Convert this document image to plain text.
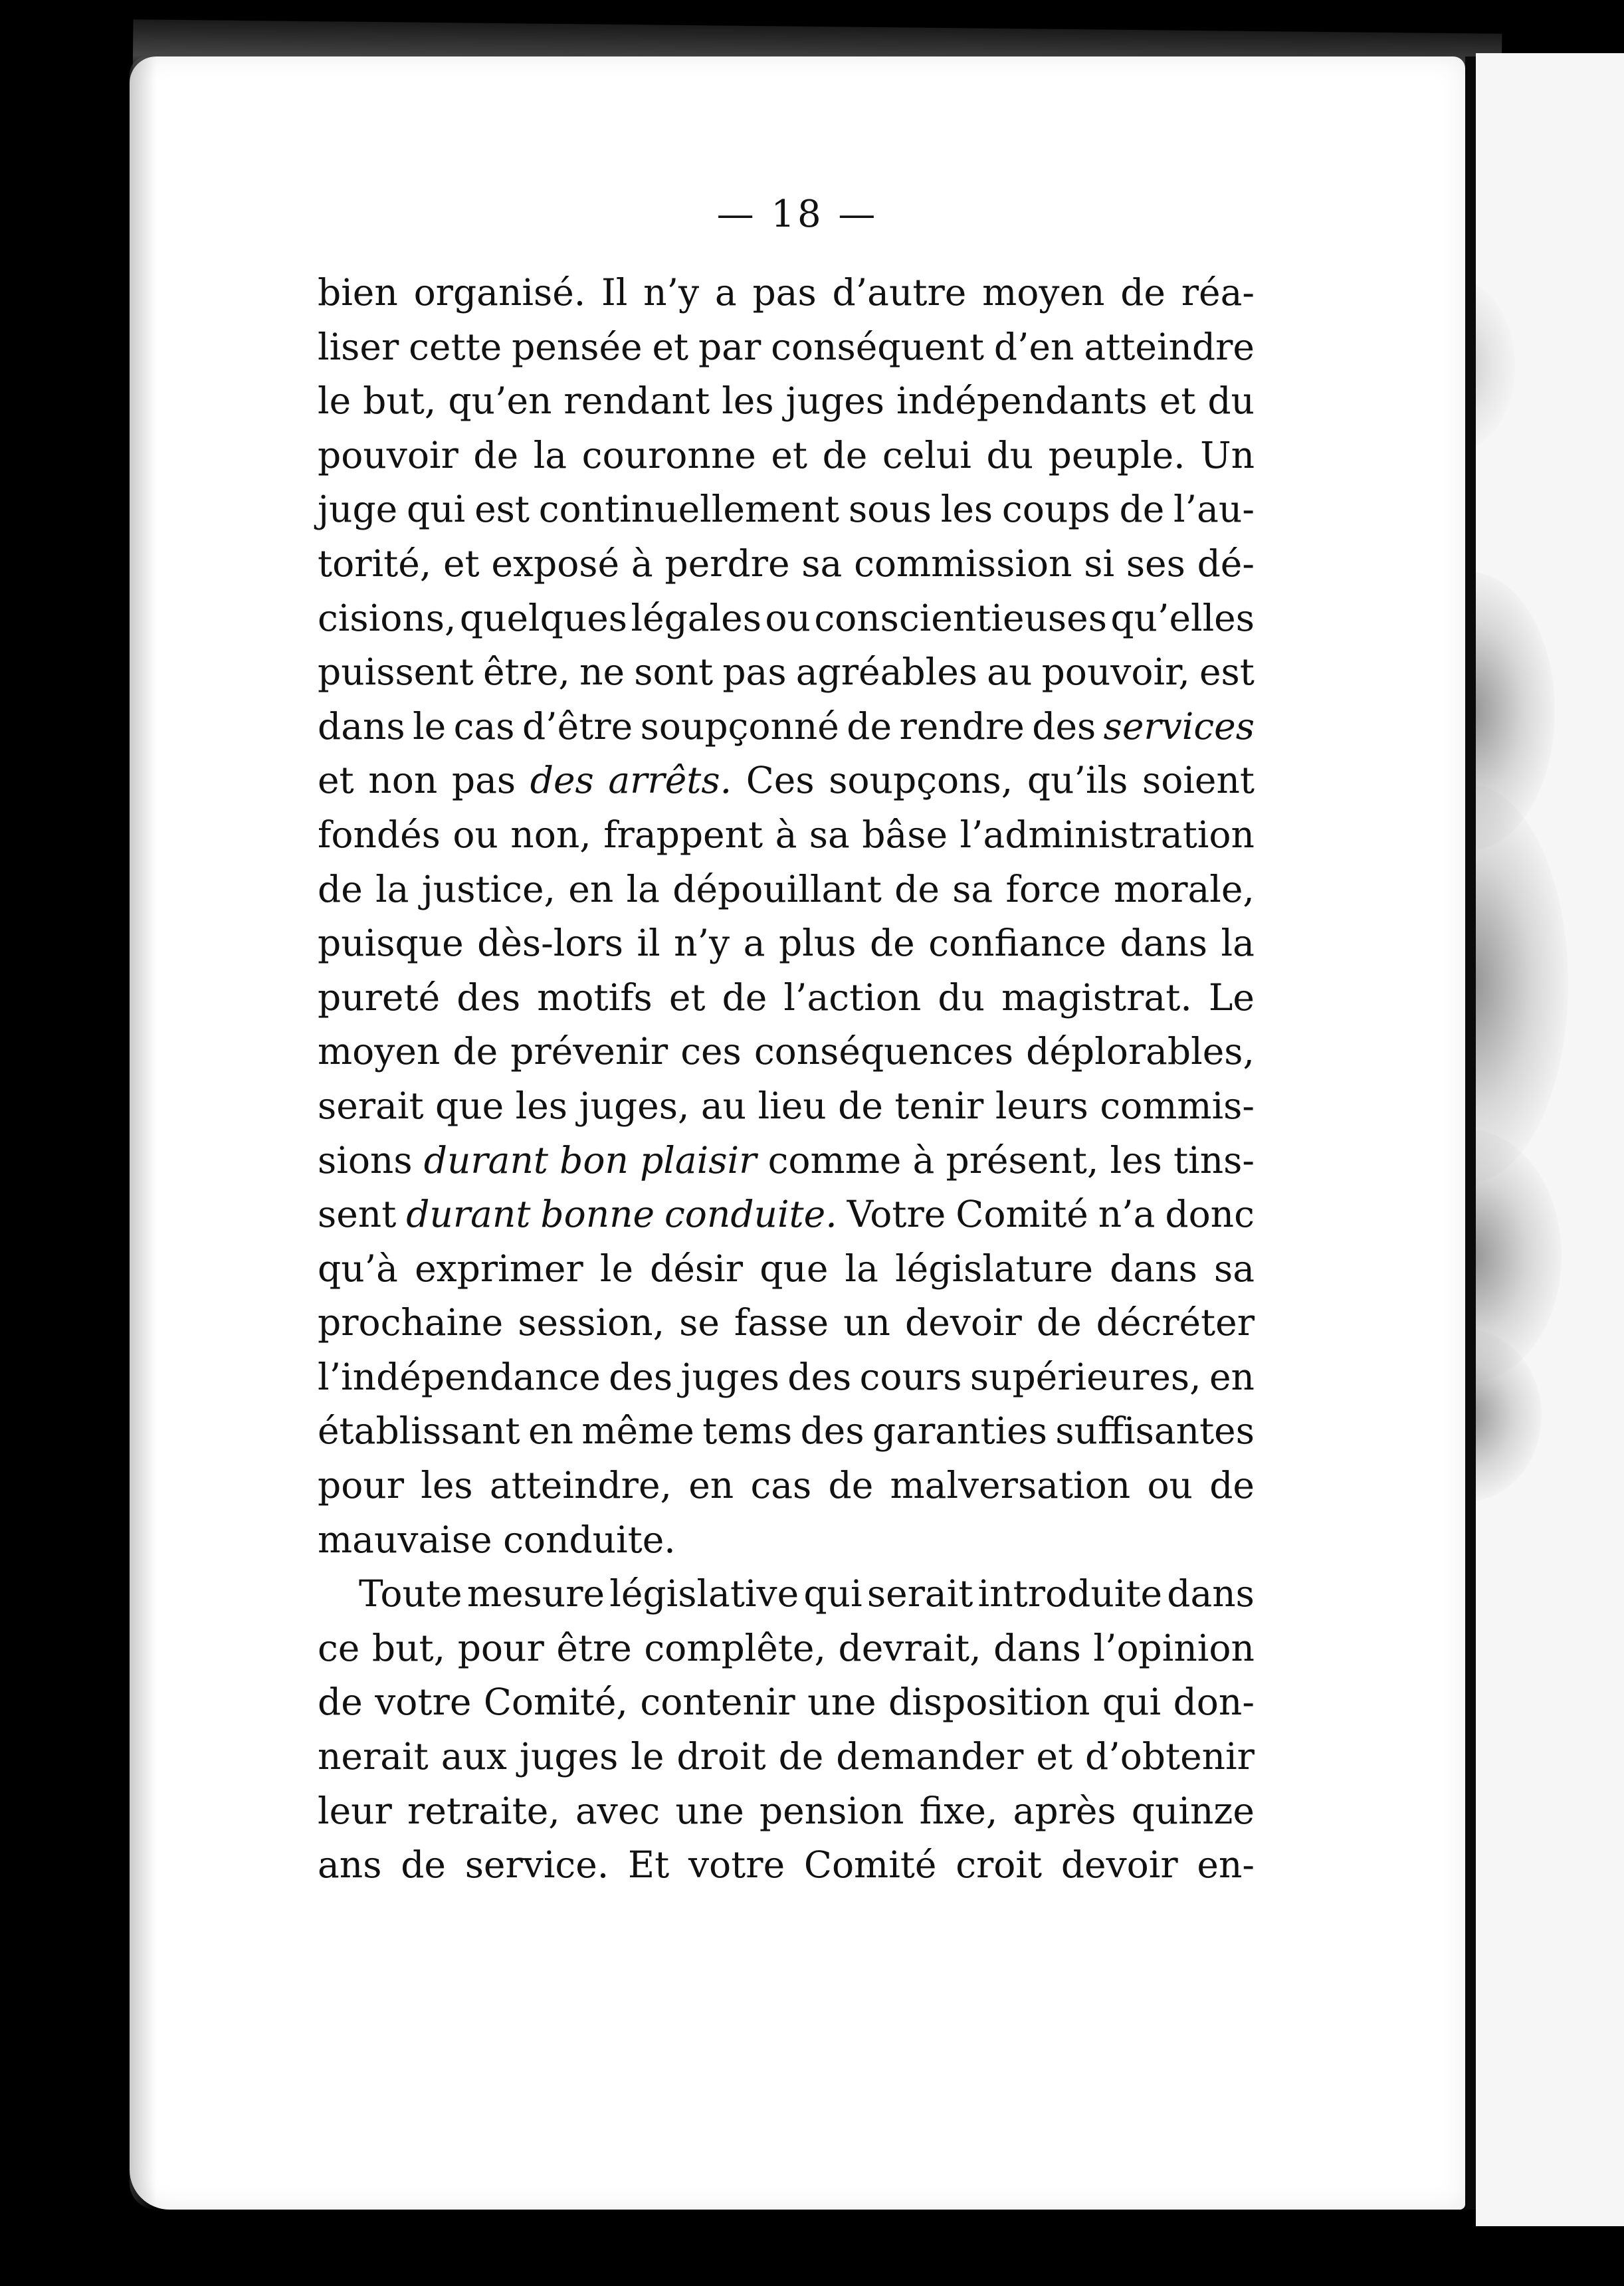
— 18 —
bien organisé. Il n’y a pas d’autre moyen de réa-
liser cette pensée et par conséquent d’en atteindre
le but, qu’en rendant les juges indépendants et du
pouvoir de la couronne et de celui du peuple. Un
juge qui est continuellement sous les coups de l’au-
torité, et exposé à perdre sa commission si ses dé-
cisions, quelques légales ou conscientieuses qu’elles
puissent être, ne sont pas agréables au pouvoir, est
dans le cas d’être soupçonné de rendre des services
et non pas des arrêts. Ces soupçons, qu’ils soient
fondés ou non, frappent à sa bâse l’administration
de la justice, en la dépouillant de sa force morale,
puisque dès-lors il n’y a plus de confiance dans la
pureté des motifs et de l’action du magistrat. Le
moyen de prévenir ces conséquences déplorables,
serait que les juges, au lieu de tenir leurs commis-
sions durant bon plaisir comme à présent, les tins-
sent durant bonne conduite. Votre Comité n’a donc
qu’à exprimer le désir que la législature dans sa
prochaine session, se fasse un devoir de décréter
l’indépendance des juges des cours supérieures, en
établissant en même tems des garanties suffisantes
pour les atteindre, en cas de malversation ou de
mauvaise conduite.
Toute mesure législative qui serait introduite dans
ce but, pour être complête, devrait, dans l’opinion
de votre Comité, contenir une disposition qui don-
nerait aux juges le droit de demander et d’obtenir
leur retraite, avec une pension fixe, après quinze
ans de service. Et votre Comité croit devoir en-
